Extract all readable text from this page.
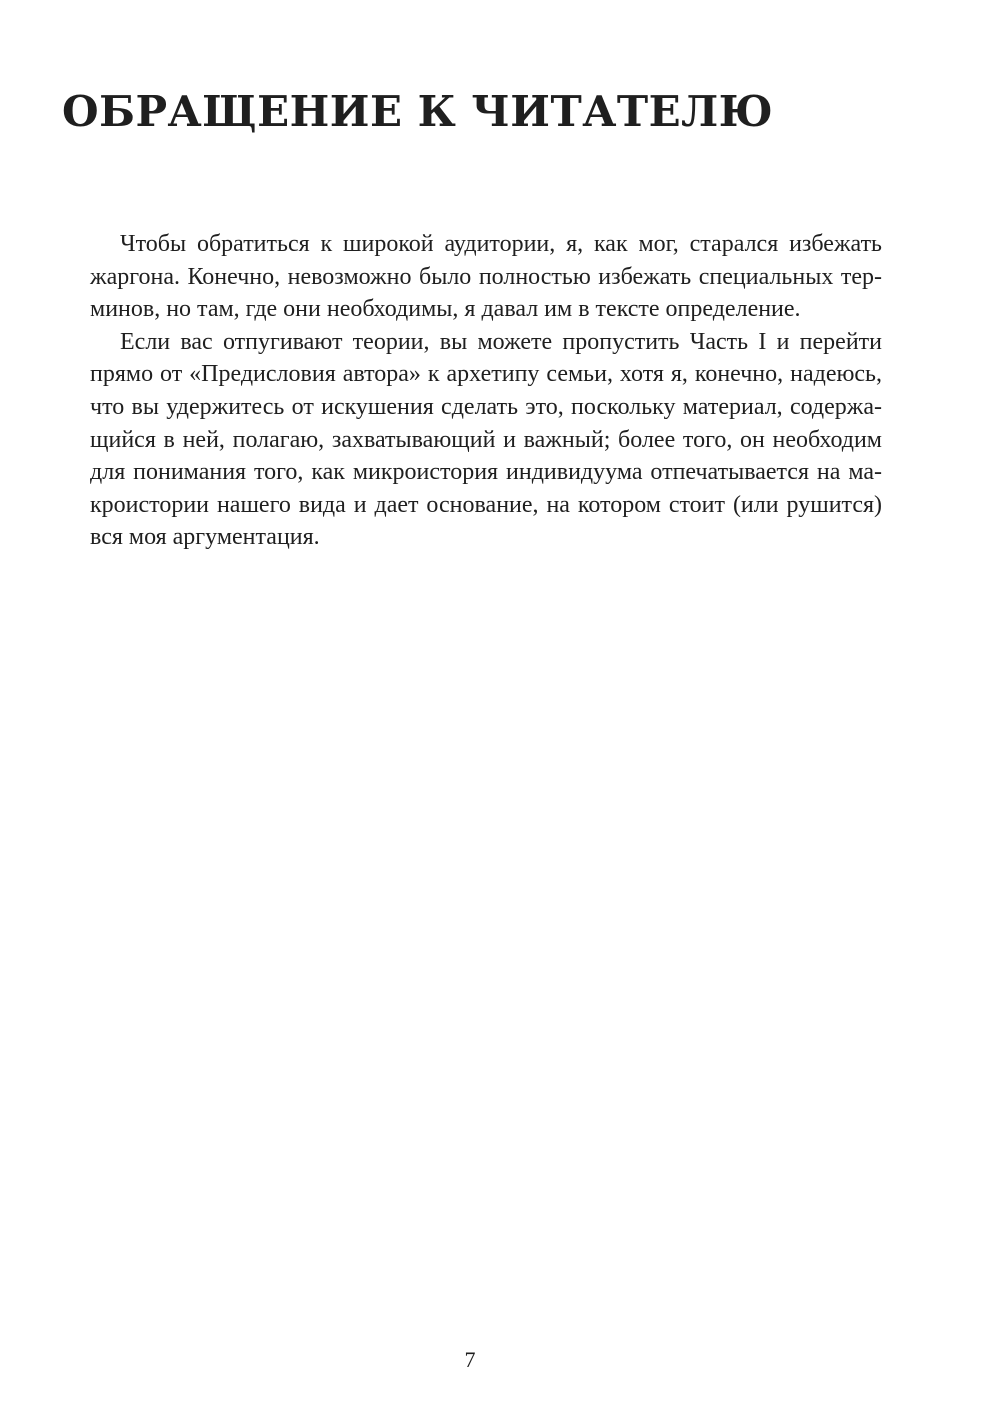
ОБРАЩЕНИЕ К ЧИТАТЕЛЮ

Чтобы обратиться к широкой аудитории, я, как мог, старался избежать
жаргона. Конечно, невозможно было полностью избежать специальных тер-
минов, но там, где они необходимы, я давал им в тексте определение.

Если вас отпугивают теории, вы можете пропустить Часть I и перейти
прямо от «Предисловия автора» к архетипу семьи, хотя я, конечно, надеюсь,
что вы удержитесь от искушения сделать это, поскольку материал, содержа-
щийся в ней, полагаю, захватывающий и важный; более того, он необходим
для понимания того, как микроистория индивидуума отпечатывается на ма-
кроистории нашего вида и дает основание, на котором стоит (или рушится)
вся моя аргументация.

7
